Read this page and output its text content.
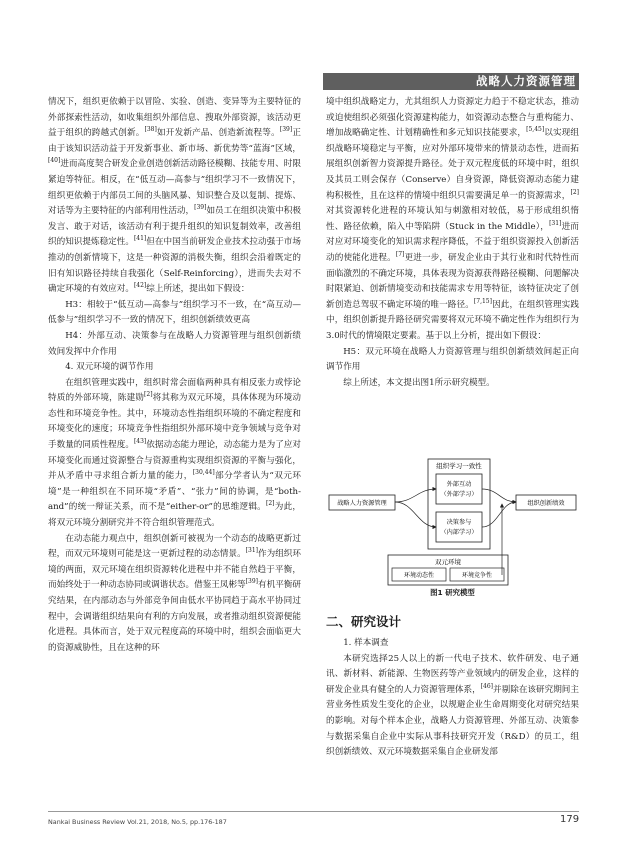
战略人力资源管理

情况下，组织更依赖于以冒险、实验、创造、变异等为主要特征的外部探索性活动，如收集组织外部信息、搜取外部资源，该活动更益于组织的跨越式创新。[38]如开发新产品、创造新流程等。[39]正由于该知识活动益于开发新事业、新市场、新优势等“蓝海”区域，[40]进而高度契合研发企业创造创新活动路径模糊、技能专用、时限紧迫等特征。相反，在“低互动—高参与”组织学习不一致情况下，组织更依赖于内部员工间的头脑风暴、知识整合及以复制、提炼、对话等为主要特征的内部利用性活动，[39]如员工在组织决策中积极发言、敢于对话，该活动有利于提升组织的知识复制效率，改善组织的知识提炼稳定性。[41]但在中国当前研发企业技术拉动强于市场推动的创新情境下，这是一种资源的消极失衡，组织会沿着既定的旧有知识路径持续自我强化（Self-Reinforcing），进而失去对不确定环境的有效应对。[42]综上所述，提出如下假设：

H3：相较于“低互动—高参与”组织学习不一致，在“高互动—低参与”组织学习不一致的情况下，组织创新绩效更高

H4：外部互动、决策参与在战略人力资源管理与组织创新绩效间发挥中介作用

4. 双元环境的调节作用

在组织管理实践中，组织时常会面临两种具有相反张力或悖论特质的外部环境，陈建勋[2]将其称为双元环境，具体体现为环境动态性和环境竞争性。其中，环境动态性指组织环境的不确定程度和环境变化的速度；环境竞争性指组织外部环境中竞争领域与竞争对手数量的同质性程度。[43]依据动态能力理论，动态能力是为了应对环境变化而通过资源整合与资源重构实现组织资源的平衡与强化，并从矛盾中寻求组合新力量的能力，[30,44]部分学者认为“双元环境”是一种组织在不同环境“矛盾”、“张力”间的协调，是“both-and”的统一辩证关系，而不是“either-or”的思维逻辑。[2]为此，将双元环境分割研究并不符合组织管理范式。

在动态能力观点中，组织创新可被视为一个动态的战略更新过程，而双元环境则可能是这一更新过程的动态情景。[31]作为组织环境的两面，双元环境在组织资源转化进程中并不能自然趋于平衡，而始终处于一种动态协同或调谐状态。借鉴王凤彬等[39]有机平衡研究结果，在内部动态与外部竞争间由低水平协同趋于高水平协同过程中，会调谐组织结果向有利的方向发展，或者推动组织资源便能化进程。具体而言，处于双元程度高的环境中时，组织会面临更大的资源威胁性，且在这种的环

境中组织战略定力，尤其组织人力资源定力趋于不稳定状态，推动或迫使组织必须强化资源建构能力，如资源动态整合与重构能力、增加战略确定性、计划精确性和多元知识技能要求，[5,45]以实现组织战略环境稳定与平衡，应对外部环境带来的情景动态性，进而拓展组织创新智力资源提升路径。处于双元程度低的环境中时，组织及其员工则会保存（Conserve）自身资源，降低资源动态能力建构积极性，且在这样的情境中组织只需要满足单一的资源需求，[2]对其资源转化进程的环境认知与刺激相对较低，易于形成组织惰性、路径依赖，陷入中等陷阱（Stuck in the Middle），[31]进而对应对环境变化的知识需求程序降低，不益于组织资源投入创新活动的使能化进程。[7]更进一步，研发企业由于其行业和时代特性而面临激烈的不确定环境，具体表现为资源获得路径模糊、问题解决时限紧迫、创新情境变动和技能需求专用等特征，该特征决定了创新创造总驾驭不确定环境的唯一路径。[7,15]因此，在组织管理实践中，组织创新提升路径研究需要将双元环境不确定性作为组织行为3.0时代的情境限定要素。基于以上分析，提出如下假设：

H5：双元环境在战略人力资源管理与组织创新绩效间起正向调节作用

综上所述，本文提出图1所示研究模型。

组织学习一致性
外部互动
（外部学习）
决策参与
（内部学习）
战略人力资源管理	组织创新绩效
双元环境
环境动态性	环境竞争性
图1 研究模型
二、研究设计

1. 样本调查

本研究选择25人以上的新一代电子技术、软件研发、电子通讯、新材料、新能源、生物医药等产业领域内的研发企业，这样的研发企业具有健全的人力资源管理体系，[46]并剔除在该研究期间主营业务性质发生变化的企业，以规避企业生命周期变化对研究结果的影响。对每个样本企业，战略人力资源管理、外部互动、决策参与数据采集自企业中实际从事科技研究开发（R&D）的员工，组织创新绩效、双元环境数据采集自企业研发部

Nankai Business Review Vol.21, 2018, No.5, pp.176-187	179
